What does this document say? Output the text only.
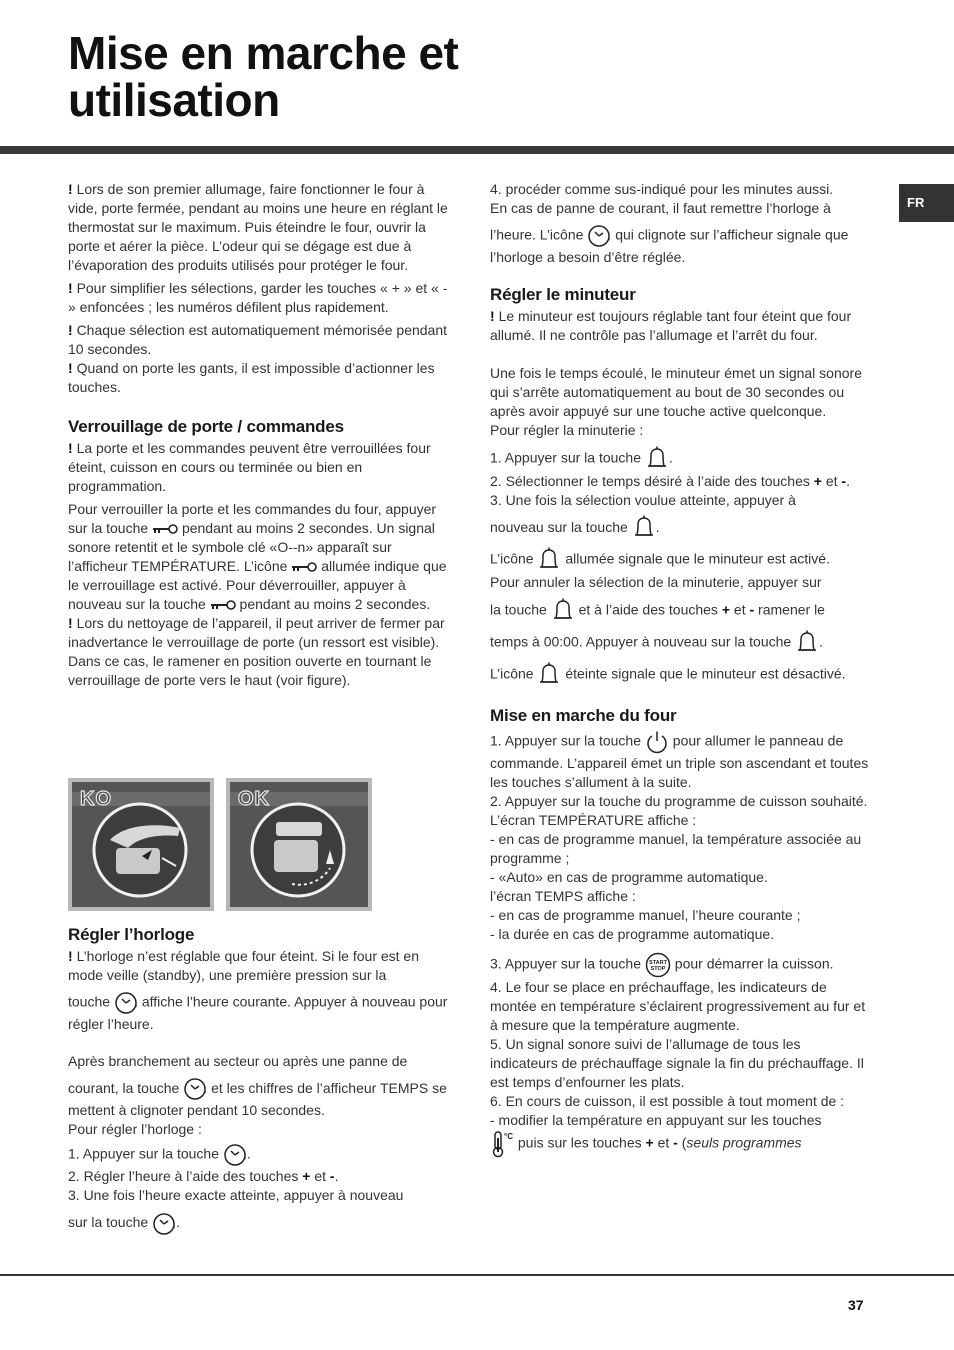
Mise en marche et utilisation
FR

! Lors de son premier allumage, faire fonctionner le four à vide, porte fermée, pendant au moins une heure en réglant le thermostat sur le maximum. Puis éteindre le four, ouvrir la porte et aérer la pièce. L’odeur qui se dégage est due à l’évaporation des produits utilisés pour protéger le four.

! Pour simplifier les sélections, garder les touches « + » et « - » enfoncées ; les numéros défilent plus rapidement.

! Chaque sélection est automatiquement mémorisée pendant 10 secondes.

! Quand on porte les gants, il est impossible d’actionner les touches.

Verrouillage de porte / commandes

! La porte et les commandes peuvent être verrouillées four éteint, cuisson en cours ou terminée ou bien en programmation.

Pour verrouiller la porte et les commandes du four, appuyer sur la touche pendant au moins 2 secondes. Un signal sonore retentit et le symbole clé «O--n» apparaît sur l’afficheur TEMPÉRATURE. L’icône allumée indique que le verrouillage est activé. Pour déverrouiller, appuyer à nouveau sur la touche pendant au moins 2 secondes.

! Lors du nettoyage de l’appareil, il peut arriver de fermer par inadvertance le verrouillage de porte (un ressort est visible). Dans ce cas, le ramener en position ouverte en tournant le verrouillage de porte vers le haut (voir figure).

KO	OK
Régler l’horloge

! L’horloge n’est réglable que four éteint. Si le four est en mode veille (standby), une première pression sur la

touche affiche l’heure courante. Appuyer à nouveau pour régler l’heure.

Après branchement au secteur ou après une panne de
courant, la touche et les chiffres de l’afficheur TEMPS se mettent à clignoter pendant 10 secondes.
Pour régler l’horloge :

1. Appuyer sur la touche .

2. Régler l’heure à l’aide des touches + et -.

3. Une fois l’heure exacte atteinte, appuyer à nouveau
sur la touche .

4. procéder comme sus-indiqué pour les minutes aussi.
En cas de panne de courant, il faut remettre l’horloge à

l’heure. L’icône qui clignote sur l’afficheur signale que l’horloge a besoin d’être réglée.

Régler le minuteur

! Le minuteur est toujours réglable tant four éteint que four allumé. Il ne contrôle pas l’allumage et l’arrêt du four.

Une fois le temps écoulé, le minuteur émet un signal sonore qui s’arrête automatiquement au bout de 30 secondes ou après avoir appuyé sur une touche active quelconque.
Pour régler la minuterie :

1. Appuyer sur la touche .

2. Sélectionner le temps désiré à l’aide des touches + et -.

3. Une fois la sélection voulue atteinte, appuyer à
nouveau sur la touche .

L’icône allumée signale que le minuteur est activé.
Pour annuler la sélection de la minuterie, appuyer sur

la touche et à l’aide des touches + et - ramener le

temps à 00:00. Appuyer à nouveau sur la touche .

L’icône éteinte signale que le minuteur est désactivé.

Mise en marche du four

1. Appuyer sur la touche pour allumer le panneau de commande. L’appareil émet un triple son ascendant et toutes les touches s’allument à la suite.

2. Appuyer sur la touche du programme de cuisson souhaité. L’écran TEMPÉRATURE affiche :
- en cas de programme manuel, la température associée au programme ;
- «Auto» en cas de programme automatique.
l’écran TEMPS affiche :
- en cas de programme manuel, l’heure courante ;
- la durée en cas de programme automatique.

3. Appuyer sur la touche START
STOP pour démarrer la cuisson.

4. Le four se place en préchauffage, les indicateurs de montée en température s’éclairent progressivement au fur et à mesure que la température augmente.

5. Un signal sonore suivi de l’allumage de tous les indicateurs de préchauffage signale la fin du préchauffage. Il est temps d’enfourner les plats.

6. En cours de cuisson, il est possible à tout moment de :
- modifier la température en appuyant sur les touches

°C puis sur les touches + et - (seuls programmes

37
